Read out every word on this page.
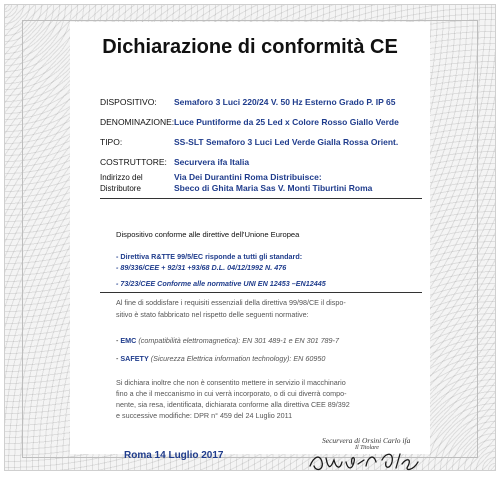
Dichiarazione di conformità CE
DISPOSITIVO: Semaforo 3 Luci 220/24 V. 50 Hz Esterno Grado P. IP 65
DENOMINAZIONE: Luce Puntiforme da 25 Led x Colore Rosso Giallo Verde
TIPO:	SS-SLT Semaforo 3 Luci Led Verde Gialla Rossa Orient.
COSTRUTTORE: Securvera ifa Italia
Indirizzo del
Distributore
Via Dei Durantini Roma Distribuisce:
Sbeco di Ghita Maria Sas V. Monti Tiburtini Roma
Dispositivo conforme alle direttive dell'Unione Europea
- Direttiva R&TTE 99/5/EC risponde a tutti gli standard:
- 89/336/CEE + 92/31 +93/68 D.L. 04/12/1992 N. 476
- 73/23/CEE Conforme alle normative UNI EN 12453 –EN12445
Al fine di soddisfare i requisiti essenziali della direttiva 99/98/CE il dispo-
sitivo è stato fabbricato nel rispetto delle seguenti normative:
- EMC (compatibilità elettromagnetica): EN 301 489-1 e EN 301 789-7
- SAFETY (Sicurezza Elettrica information technology): EN 60950
Si dichiara inoltre che non è consentito mettere in servizio il macchinario
fino a che il meccanismo in cui verrà incorporato, o di cui diverrà compo-
nente, sia resa, identificata, dichiarata conforme alla direttiva CEE 89/392
e successive modifiche: DPR n° 459 del 24 Luglio 2011
Roma 14 Luglio 2017
Securvera di Orsini Carlo ifa
Il Titolare
